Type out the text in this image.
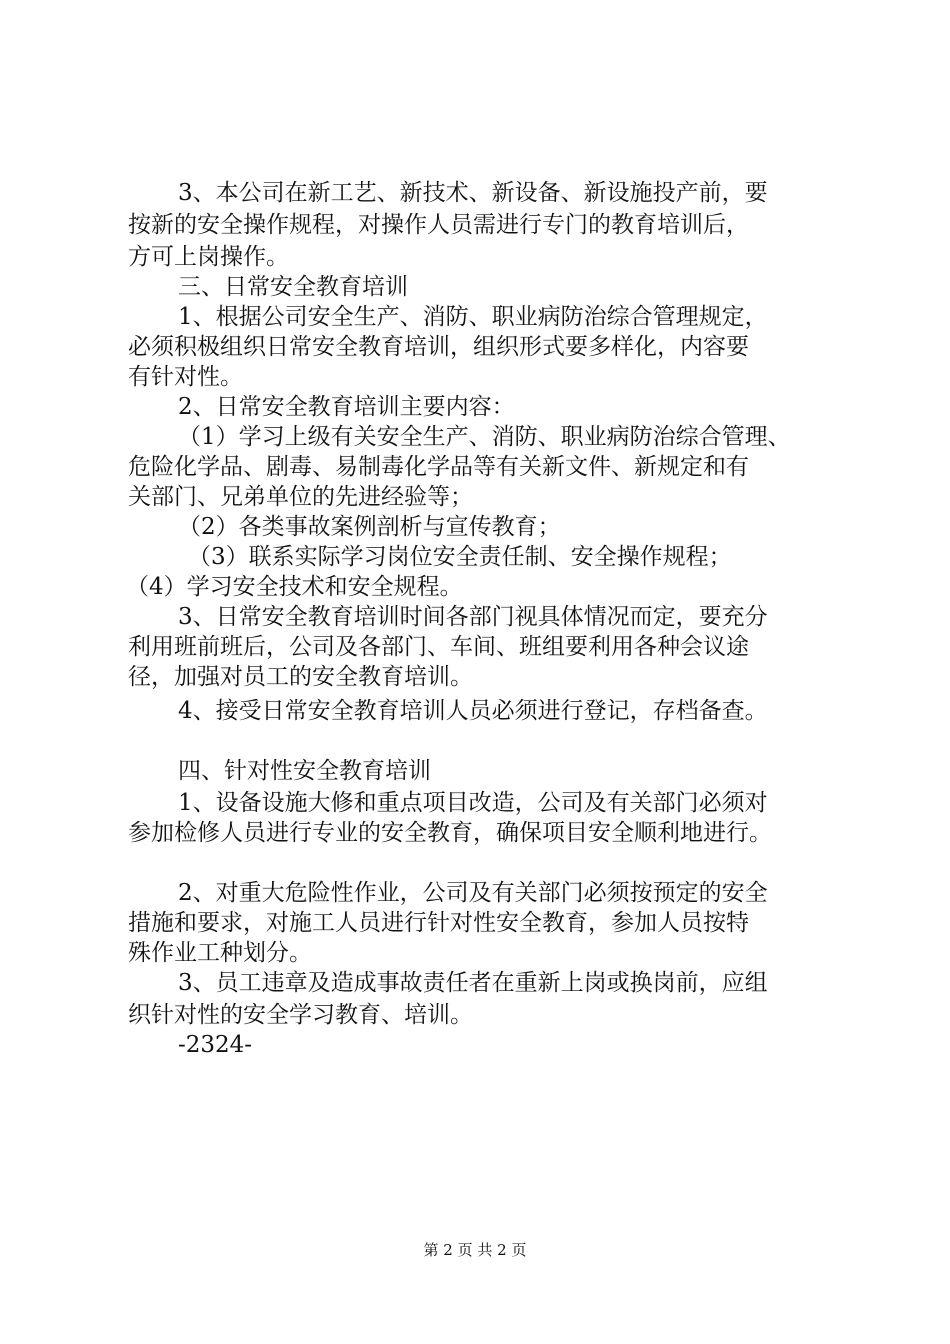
3、本公司在新工艺、新技术、新设备、新设施投产前，要

按新的安全操作规程，对操作人员需进行专门的教育培训后，

方可上岗操作。

三、日常安全教育培训

1、根据公司安全生产、消防、职业病防治综合管理规定，

必须积极组织日常安全教育培训，组织形式要多样化，内容要

有针对性。

2、日常安全教育培训主要内容：

（1）学习上级有关安全生产、消防、职业病防治综合管理、

危险化学品、剧毒、易制毒化学品等有关新文件、新规定和有

关部门、兄弟单位的先进经验等；

（2）各类事故案例剖析与宣传教育；

（3）联系实际学习岗位安全责任制、安全操作规程；

（4）学习安全技术和安全规程。

3、日常安全教育培训时间各部门视具体情况而定，要充分

利用班前班后，公司及各部门、车间、班组要利用各种会议途

径，加强对员工的安全教育培训。

4、接受日常安全教育培训人员必须进行登记，存档备查。

四、针对性安全教育培训

1、设备设施大修和重点项目改造，公司及有关部门必须对

参加检修人员进行专业的安全教育，确保项目安全顺利地进行。

2、对重大危险性作业，公司及有关部门必须按预定的安全

措施和要求，对施工人员进行针对性安全教育，参加人员按特

殊作业工种划分。

3、员工违章及造成事故责任者在重新上岗或换岗前，应组

织针对性的安全学习教育、培训。

-2324-

第 2 页 共 2 页
